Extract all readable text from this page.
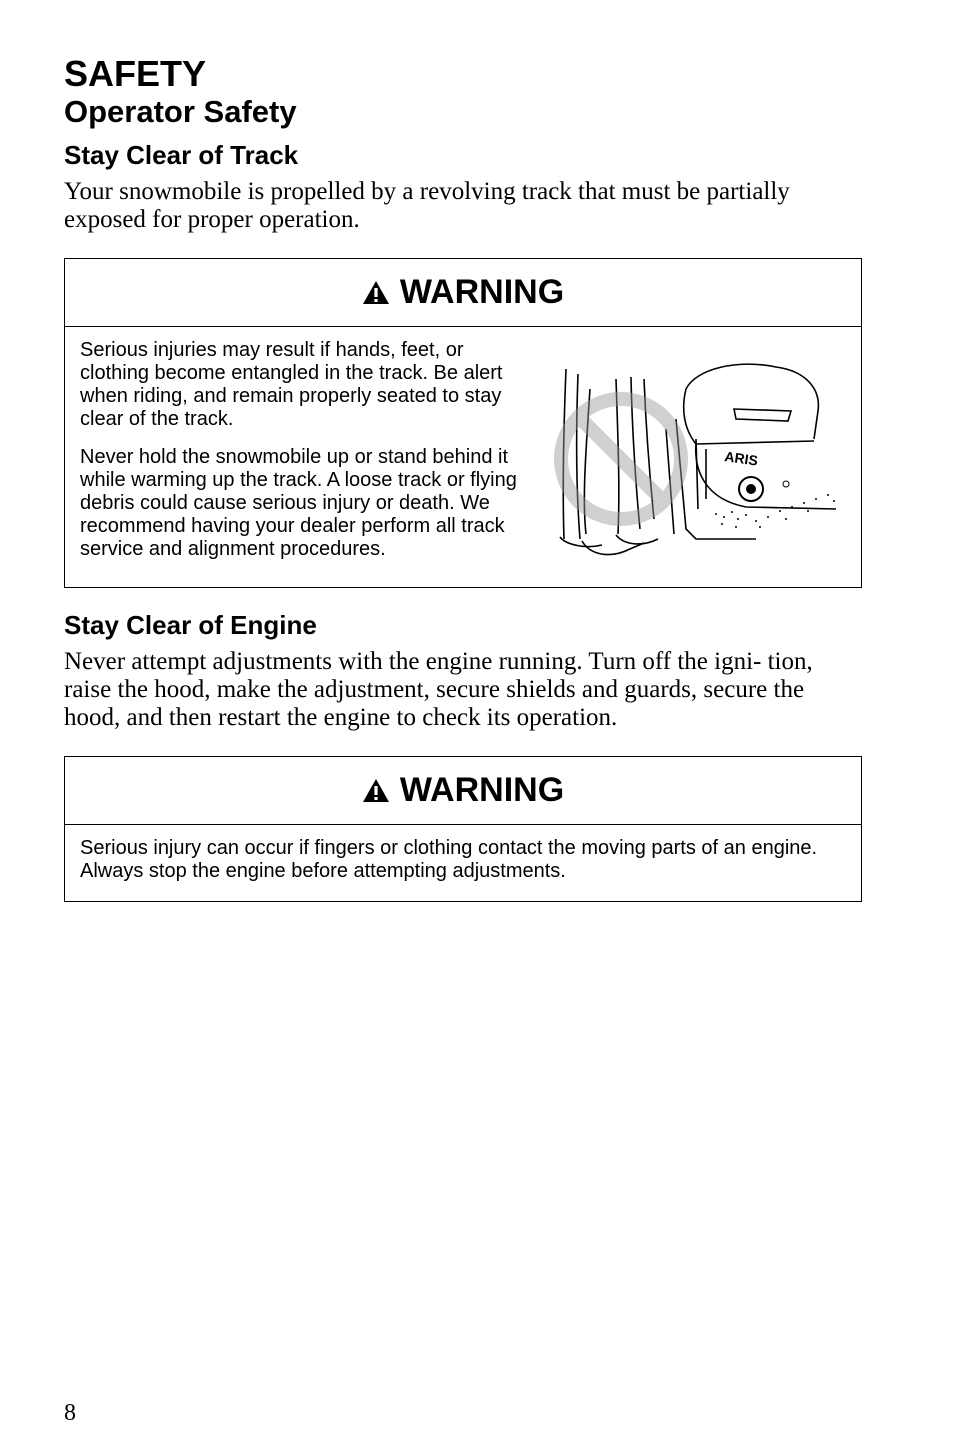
SAFETY
Operator Safety
Stay Clear of Track

Your snowmobile is propelled by a revolving track that must be partially exposed for proper operation.

WARNING

Serious injuries may result if hands, feet, or clothing become entangled in the track. Be alert when riding, and remain properly seated to stay clear of the track.

Never hold the snowmobile up or stand behind it while warming up the track. A loose track or flying debris could cause serious injury or death. We recommend having your dealer perform all track service and alignment procedures.

ARIS
Stay Clear of Engine

Never attempt adjustments with the engine running. Turn off the igni- tion, raise the hood, make the adjustment, secure shields and guards, secure the hood, and then restart the engine to check its operation.

WARNING
Serious injury can occur if fingers or clothing contact the moving parts of an engine. Always stop the engine before attempting adjustments.
8
